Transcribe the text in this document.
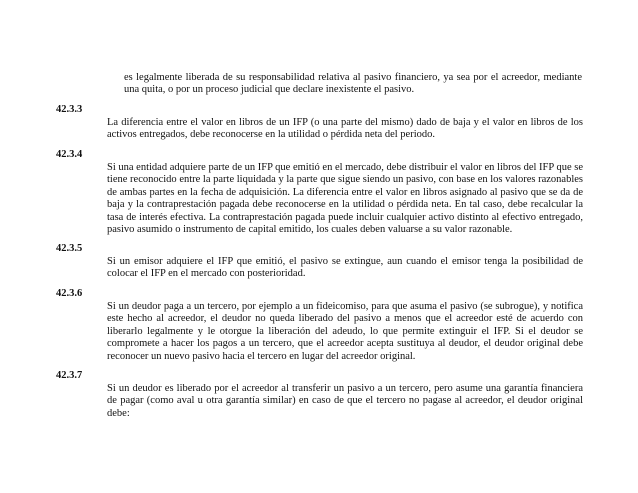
es legalmente liberada de su responsabilidad relativa al pasivo financiero, ya sea por el acreedor, mediante una quita, o por un proceso judicial que declare inexistente el pasivo.

42.3.3

La diferencia entre el valor en libros de un IFP (o una parte del mismo) dado de baja y el valor en libros de los activos entregados, debe reconocerse en la utilidad o pérdida neta del periodo.

42.3.4

Si una entidad adquiere parte de un IFP que emitió en el mercado, debe distribuir el valor en libros del IFP que se tiene reconocido entre la parte liquidada y la parte que sigue siendo un pasivo, con base en los valores razonables de ambas partes en la fecha de adquisición. La diferencia entre el valor en libros asignado al pasivo que se da de baja y la contraprestación pagada debe reconocerse en la utilidad o pérdida neta. En tal caso, debe recalcular la tasa de interés efectiva. La contraprestación pagada puede incluir cualquier activo distinto al efectivo entregado, pasivo asumido o instrumento de capital emitido, los cuales deben valuarse a su valor razonable.

42.3.5

Si un emisor adquiere el IFP que emitió, el pasivo se extingue, aun cuando el emisor tenga la posibilidad de colocar el IFP en el mercado con posterioridad.

42.3.6

Si un deudor paga a un tercero, por ejemplo a un fideicomiso, para que asuma el pasivo (se subrogue), y notifica este hecho al acreedor, el deudor no queda liberado del pasivo a menos que el acreedor esté de acuerdo con liberarlo legalmente y le otorgue la liberación del adeudo, lo que permite extinguir el IFP. Si el deudor se compromete a hacer los pagos a un tercero, que el acreedor acepta sustituya al deudor, el deudor original debe reconocer un nuevo pasivo hacia el tercero en lugar del acreedor original.

42.3.7

Si un deudor es liberado por el acreedor al transferir un pasivo a un tercero, pero asume una garantía financiera de pagar (como aval u otra garantía similar) en caso de que el tercero no pagase al acreedor, el deudor original debe:
